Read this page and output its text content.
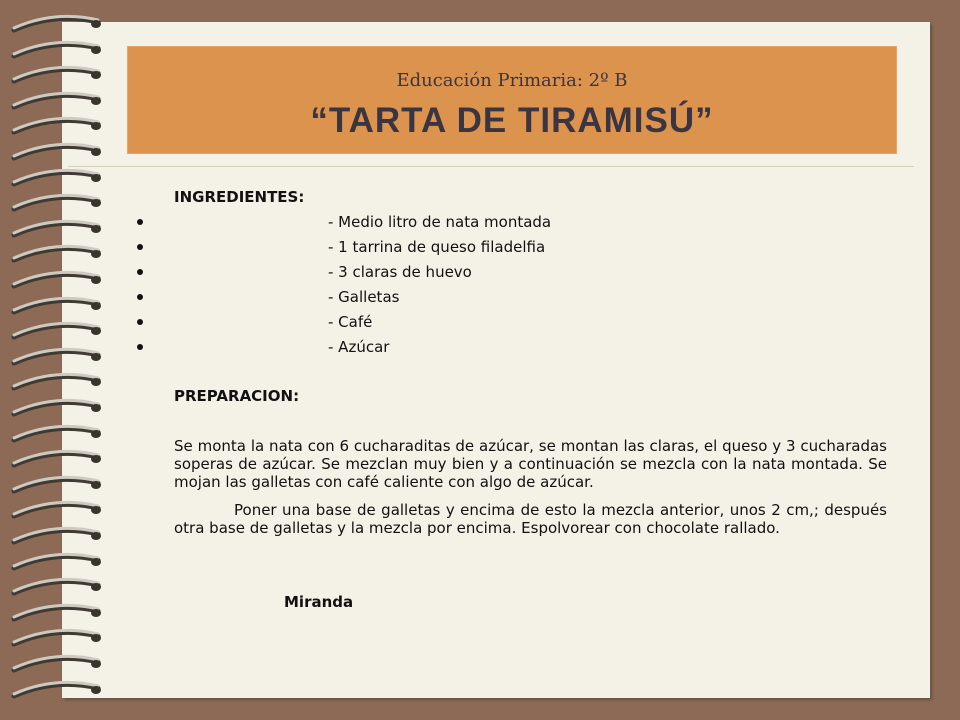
Educación Primaria: 2º B
“TARTA DE TIRAMISÚ”
INGREDIENTES:
- Medio litro de nata montada
- 1 tarrina de queso filadelfia
- 3 claras de huevo
- Galletas
- Café
- Azúcar
PREPARACION:

Se monta la nata con 6 cucharaditas de azúcar, se montan las claras, el queso y 3 cucharadas soperas de azúcar. Se mezclan muy bien y a continuación se mezcla con la nata montada. Se mojan las galletas con café caliente con algo de azúcar.

Poner una base de galletas y encima de esto la mezcla anterior, unos 2 cm,; después otra base de galletas y la mezcla por encima. Espolvorear con chocolate rallado.

Miranda
